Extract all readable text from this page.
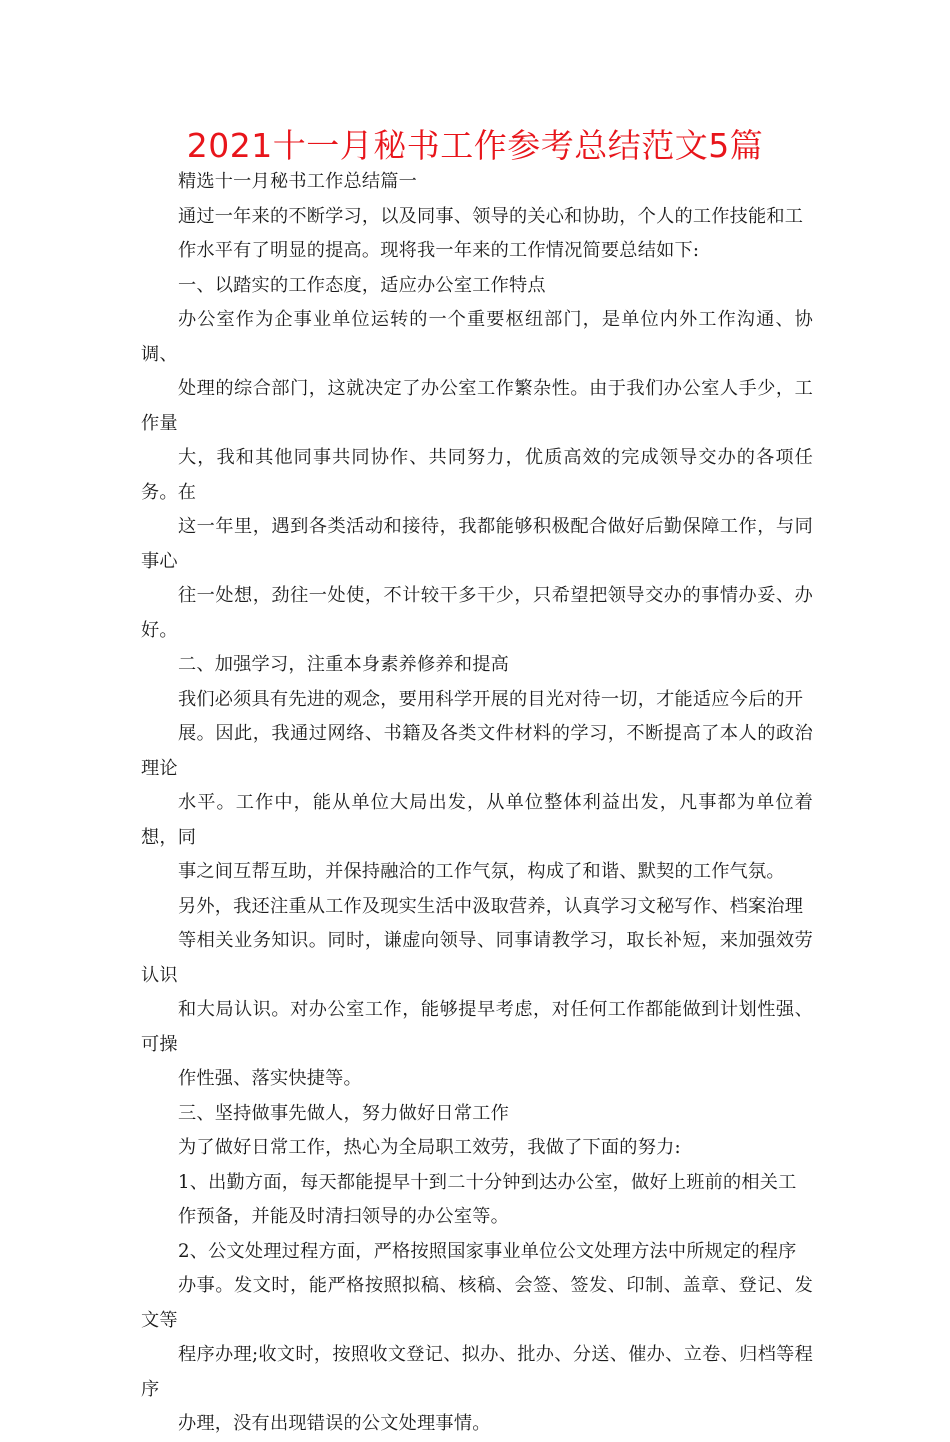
2021十一月秘书工作参考总结范文5篇

精选十一月秘书工作总结篇一

通过一年来的不断学习，以及同事、领导的关心和协助，个人的工作技能和工
作水平有了明显的提高。现将我一年来的工作情况简要总结如下:

一、以踏实的工作态度，适应办公室工作特点

办公室作为企事业单位运转的一个重要枢纽部门，是单位内外工作沟通、协调、
处理的综合部门，这就决定了办公室工作繁杂性。由于我们办公室人手少，工作量
大，我和其他同事共同协作、共同努力，优质高效的完成领导交办的各项任务。在
这一年里，遇到各类活动和接待，我都能够积极配合做好后勤保障工作，与同事心
往一处想，劲往一处使，不计较干多干少，只希望把领导交办的事情办妥、办好。

二、加强学习，注重本身素养修养和提高

我们必须具有先进的观念，要用科学开展的目光对待一切，才能适应今后的开
展。因此，我通过网络、书籍及各类文件材料的学习，不断提高了本人的政治理论
水平。工作中，能从单位大局出发，从单位整体利益出发，凡事都为单位着想，同
事之间互帮互助，并保持融洽的工作气氛，构成了和谐、默契的工作气氛。

另外，我还注重从工作及现实生活中汲取营养，认真学习文秘写作、档案治理
等相关业务知识。同时，谦虚向领导、同事请教学习，取长补短，来加强效劳认识
和大局认识。对办公室工作，能够提早考虑，对任何工作都能做到计划性强、可操
作性强、落实快捷等。

三、坚持做事先做人，努力做好日常工作

为了做好日常工作，热心为全局职工效劳，我做了下面的努力:

1、出勤方面，每天都能提早十到二十分钟到达办公室，做好上班前的相关工
作预备，并能及时清扫领导的办公室等。

2、公文处理过程方面，严格按照国家事业单位公文处理方法中所规定的程序
办事。发文时，能严格按照拟稿、核稿、会签、签发、印制、盖章、登记、发文等
程序办理;收文时，按照收文登记、拟办、批办、分送、催办、立卷、归档等程序
办理，没有出现错误的公文处理事情。
